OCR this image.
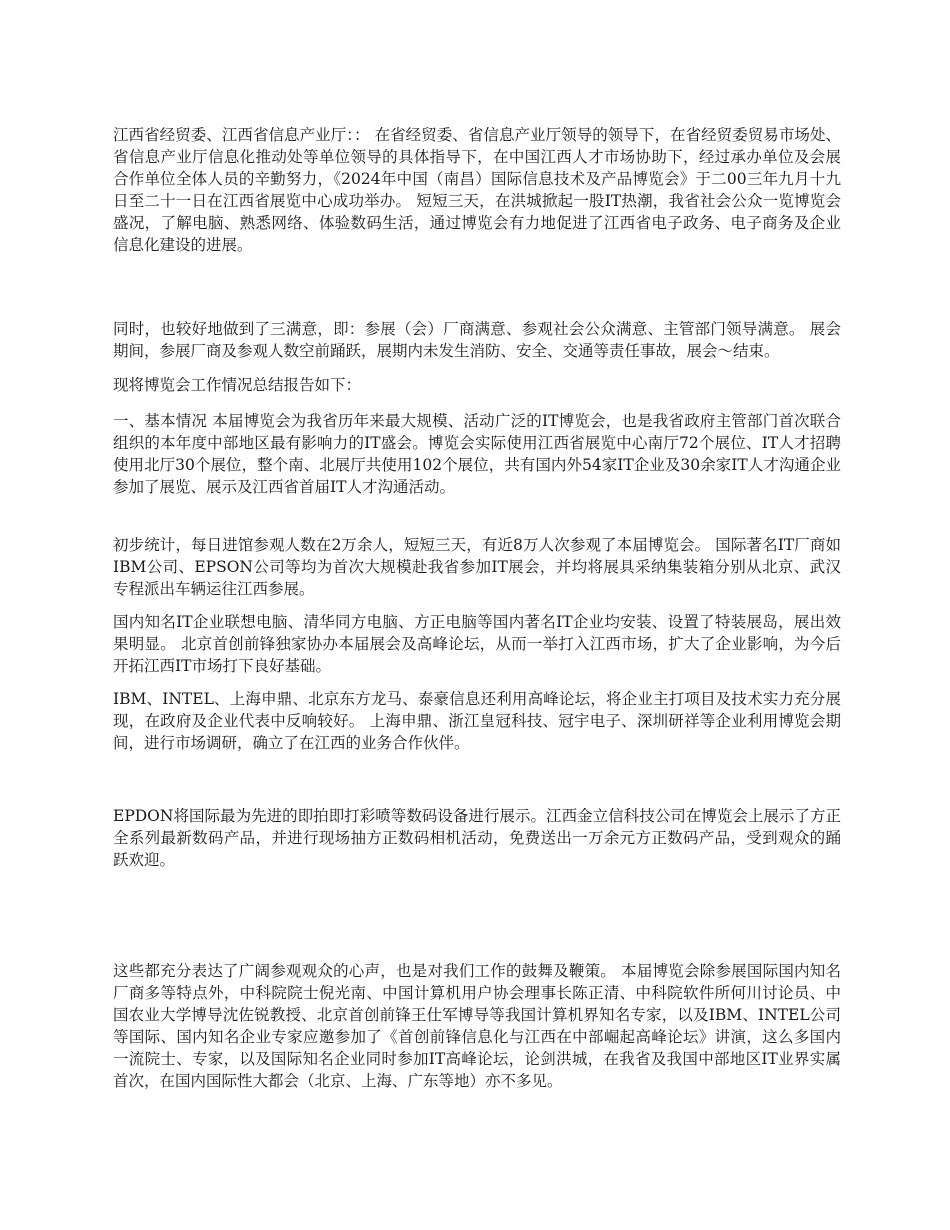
江西省经贸委、江西省信息产业厅：： 在省经贸委、省信息产业厅领导的领导下，在省经贸委贸易市场处、省信息产业厅信息化推动处等单位领导的具体指导下，在中国江西人才市场协助下，经过承办单位及会展合作单位全体人员的辛勤努力，《2024年中国（南昌）国际信息技术及产品博览会》于二00三年九月十九日至二十一日在江西省展览中心成功举办。 短短三天，在洪城掀起一股IT热潮，我省社会公众一览博览会盛况，了解电脑、熟悉网络、体验数码生活，通过博览会有力地促进了江西省电子政务、电子商务及企业信息化建设的进展。

同时，也较好地做到了三满意，即：参展（会）厂商满意、参观社会公众满意、主管部门领导满意。 展会期间，参展厂商及参观人数空前踊跃，展期内未发生消防、安全、交通等责任事故，展会～结束。

现将博览会工作情况总结报告如下：

一、基本情况 本届博览会为我省历年来最大规模、活动广泛的IT博览会，也是我省政府主管部门首次联合组织的本年度中部地区最有影响力的IT盛会。博览会实际使用江西省展览中心南厅72个展位、IT人才招聘使用北厅30个展位，整个南、北展厅共使用102个展位，共有国内外54家IT企业及30余家IT人才沟通企业参加了展览、展示及江西省首届IT人才沟通活动。

初步统计，每日进馆参观人数在2万余人，短短三天，有近8万人次参观了本届博览会。 国际著名IT厂商如IBM公司、EPSON公司等均为首次大规模赴我省参加IT展会，并均将展具采纳集装箱分别从北京、武汉专程派出车辆运往江西参展。

国内知名IT企业联想电脑、清华同方电脑、方正电脑等国内著名IT企业均安装、设置了特装展岛，展出效果明显。 北京首创前锋独家协办本届展会及高峰论坛，从而一举打入江西市场，扩大了企业影响，为今后开拓江西IT市场打下良好基础。

IBM、INTEL、上海申鼎、北京东方龙马、泰豪信息还利用高峰论坛，将企业主打项目及技术实力充分展现，在政府及企业代表中反响较好。 上海申鼎、浙江皇冠科技、冠宇电子、深圳研祥等企业利用博览会期间，进行市场调研，确立了在江西的业务合作伙伴。

EPDON将国际最为先进的即拍即打彩喷等数码设备进行展示。江西金立信科技公司在博览会上展示了方正全系列最新数码产品，并进行现场抽方正数码相机活动，免费送出一万余元方正数码产品，受到观众的踊跃欢迎。

这些都充分表达了广阔参观观众的心声，也是对我们工作的鼓舞及鞭策。 本届博览会除参展国际国内知名厂商多等特点外，中科院院士倪光南、中国计算机用户协会理事长陈正清、中科院软件所何川讨论员、中国农业大学博导沈佐锐教授、北京首创前锋王仕军博导等我国计算机界知名专家，以及IBM、INTEL公司等国际、国内知名企业专家应邀参加了《首创前锋信息化与江西在中部崛起高峰论坛》讲演，这么多国内一流院士、专家，以及国际知名企业同时参加IT高峰论坛，论剑洪城，在我省及我国中部地区IT业界实属首次，在国内国际性大都会（北京、上海、广东等地）亦不多见。
